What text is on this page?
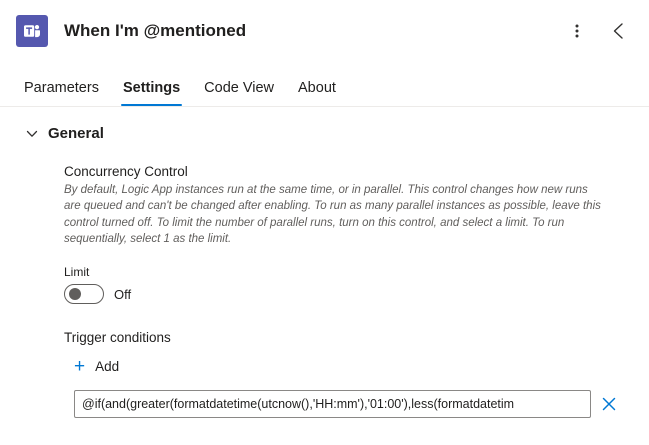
When I'm @mentioned
Parameters	Settings	Code View	About
General
Concurrency Control

By default, Logic App instances run at the same time, or in parallel. This control changes how new runs are queued and can't be changed after enabling. To run as many parallel instances as possible, leave this control turned off. To limit the number of parallel runs, turn on this control, and select a limit. To run sequentially, select 1 as the limit.

Limit
Off
Trigger conditions
+ Add
@if(and(greater(formatdatetime(utcnow(),'HH:mm'),'01:00'),less(formatdatetim
